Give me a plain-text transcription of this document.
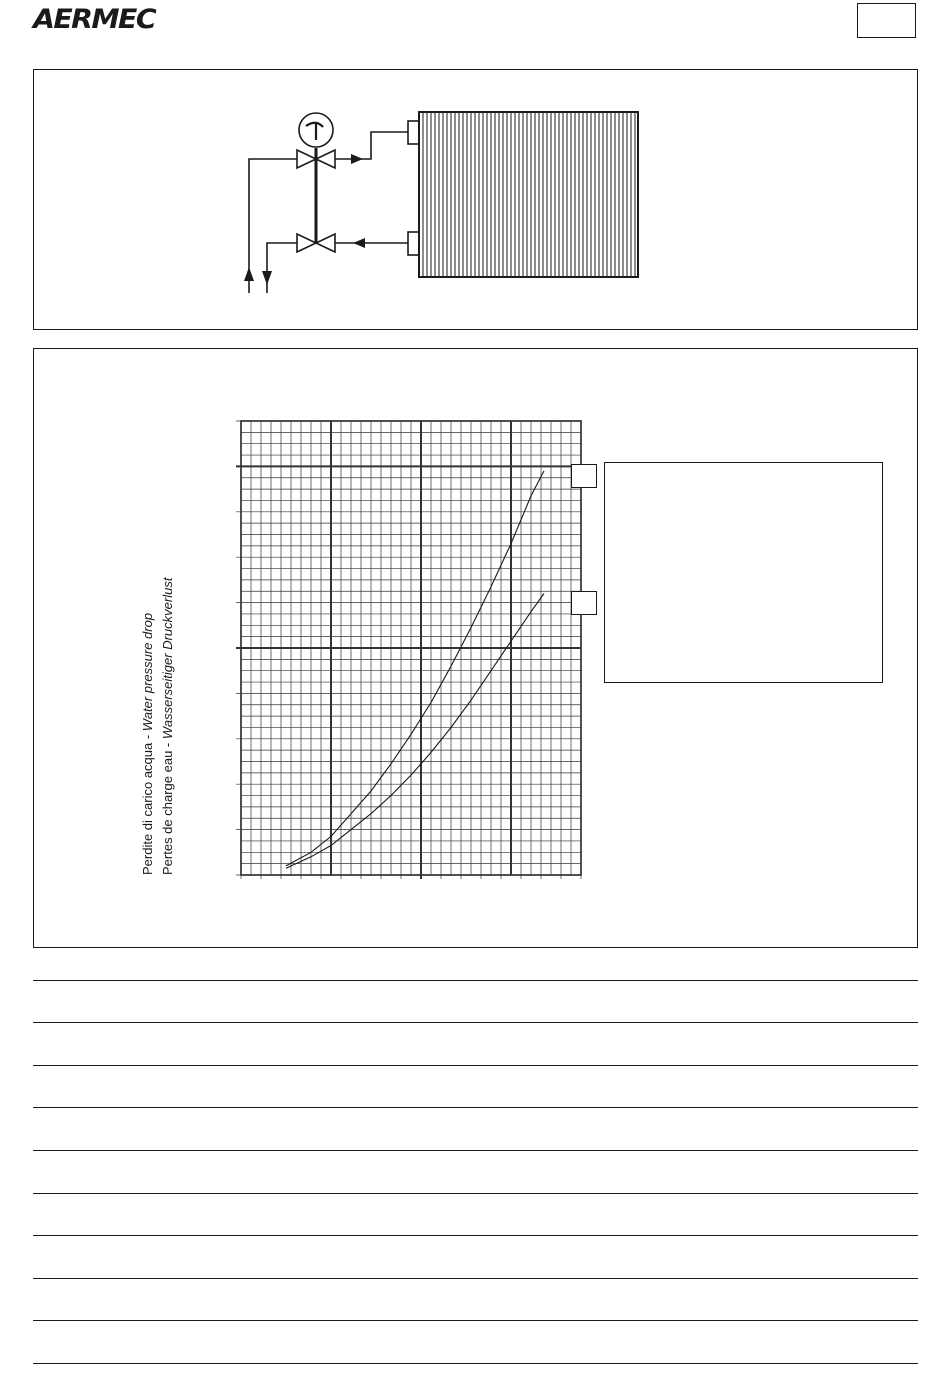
AERMEC
Perdite di carico acqua - Water pressure drop
Pertes de charge eau - Wasserseitiger Druckverlust
